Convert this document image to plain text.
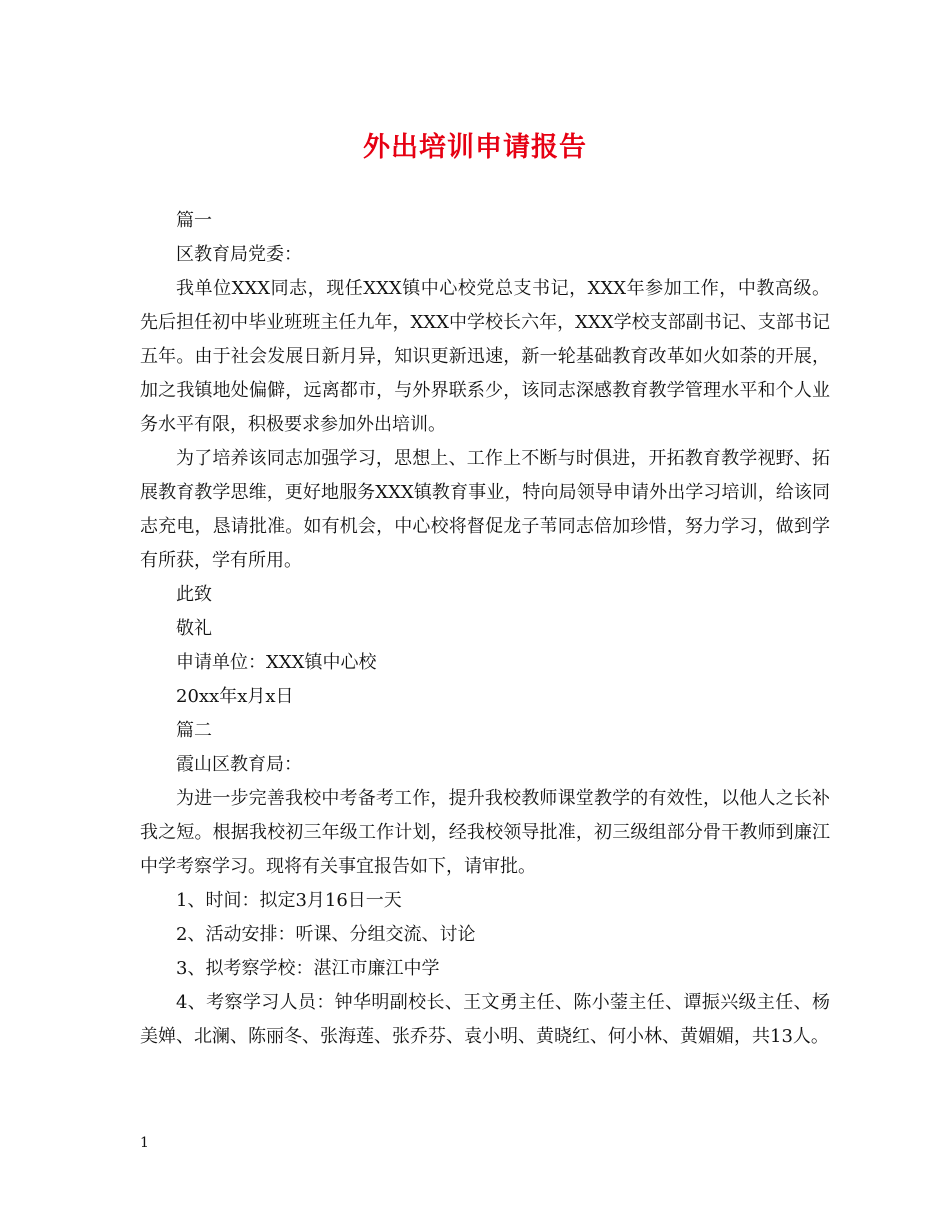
外出培训申请报告

篇一

区教育局党委：

我单位XXX同志，现任XXX镇中心校党总支书记，XXX年参加工作，中教高级。先后担任初中毕业班班主任九年，XXX中学校长六年，XXX学校支部副书记、支部书记五年。由于社会发展日新月异，知识更新迅速，新一轮基础教育改革如火如荼的开展，加之我镇地处偏僻，远离都市，与外界联系少，该同志深感教育教学管理水平和个人业务水平有限，积极要求参加外出培训。

为了培养该同志加强学习，思想上、工作上不断与时俱进，开拓教育教学视野、拓展教育教学思维，更好地服务XXX镇教育事业，特向局领导申请外出学习培训，给该同志充电，恳请批准。如有机会，中心校将督促龙子苇同志倍加珍惜，努力学习，做到学有所获，学有所用。

此致

敬礼

申请单位：XXX镇中心校

20xx年x月x日

篇二

霞山区教育局：

为进一步完善我校中考备考工作，提升我校教师课堂教学的有效性，以他人之长补我之短。根据我校初三年级工作计划，经我校领导批准，初三级组部分骨干教师到廉江中学考察学习。现将有关事宜报告如下，请审批。

1、时间：拟定3月16日一天

2、活动安排：听课、分组交流、讨论

3、拟考察学校：湛江市廉江中学

4、考察学习人员：钟华明副校长、王文勇主任、陈小蓥主任、谭振兴级主任、杨美婵、北澜、陈丽冬、张海莲、张乔芬、袁小明、黄晓红、何小林、黄媚媚，共13人。

1
